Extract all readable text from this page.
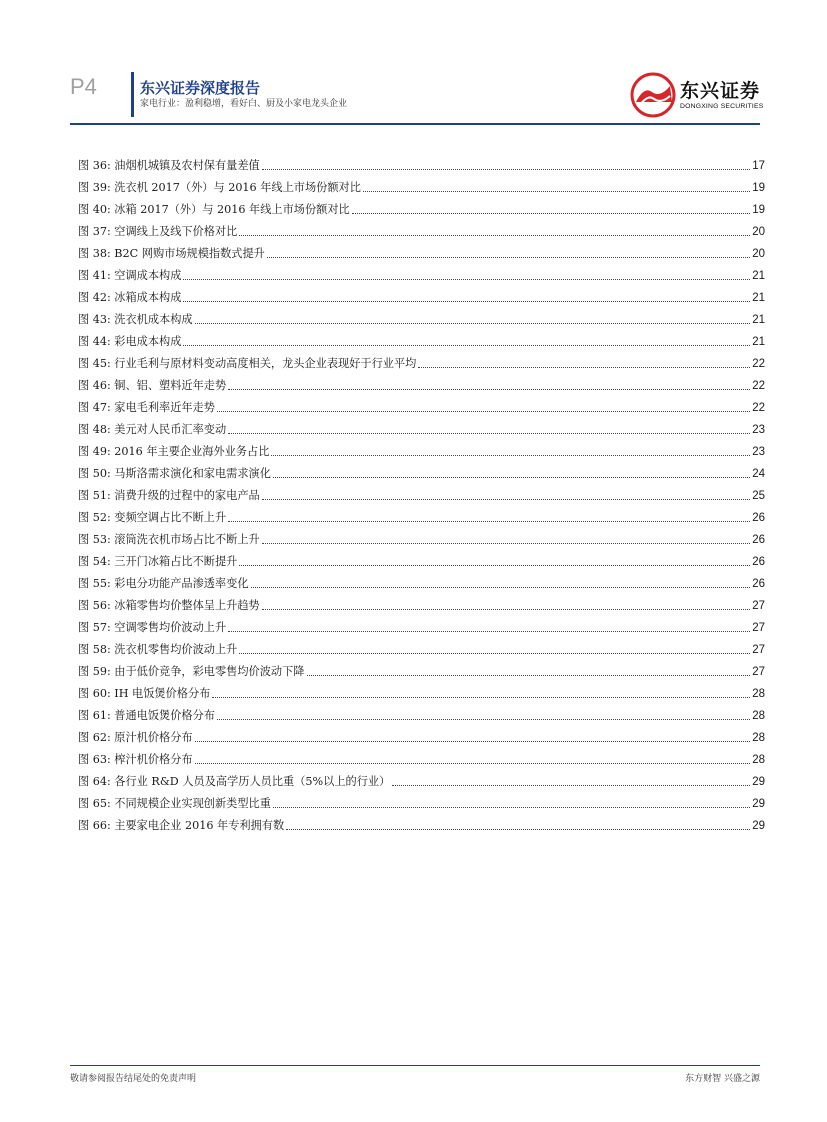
P4	东兴证券深度报告
家电行业：盈利稳增，看好白、厨及小家电龙头企业
东兴证券
DONGXING SECURITIES
图 36: 油烟机城镇及农村保有量差值	17
图 39: 洗衣机 2017（外）与 2016 年线上市场份额对比	19
图 40: 冰箱 2017（外）与 2016 年线上市场份额对比	19
图 37: 空调线上及线下价格对比	20
图 38: B2C 网购市场规模指数式提升	20
图 41: 空调成本构成	21
图 42: 冰箱成本构成	21
图 43: 洗衣机成本构成	21
图 44: 彩电成本构成	21
图 45: 行业毛利与原材料变动高度相关，龙头企业表现好于行业平均	22
图 46: 铜、铝、塑料近年走势	22
图 47: 家电毛利率近年走势	22
图 48: 美元对人民币汇率变动	23
图 49: 2016 年主要企业海外业务占比	23
图 50: 马斯洛需求演化和家电需求演化	24
图 51: 消费升级的过程中的家电产品	25
图 52: 变频空调占比不断上升	26
图 53: 滚筒洗衣机市场占比不断上升	26
图 54: 三开门冰箱占比不断提升	26
图 55: 彩电分功能产品渗透率变化	26
图 56: 冰箱零售均价整体呈上升趋势	27
图 57: 空调零售均价波动上升	27
图 58: 洗衣机零售均价波动上升	27
图 59: 由于低价竞争，彩电零售均价波动下降	27
图 60: IH 电饭煲价格分布	28
图 61: 普通电饭煲价格分布	28
图 62: 原汁机价格分布	28
图 63: 榨汁机价格分布	28
图 64: 各行业 R&D 人员及高学历人员比重（5%以上的行业）	29
图 65: 不同规模企业实现创新类型比重	29
图 66: 主要家电企业 2016 年专利拥有数	29
敬请参阅报告结尾处的免责声明	东方财智 兴盛之源
